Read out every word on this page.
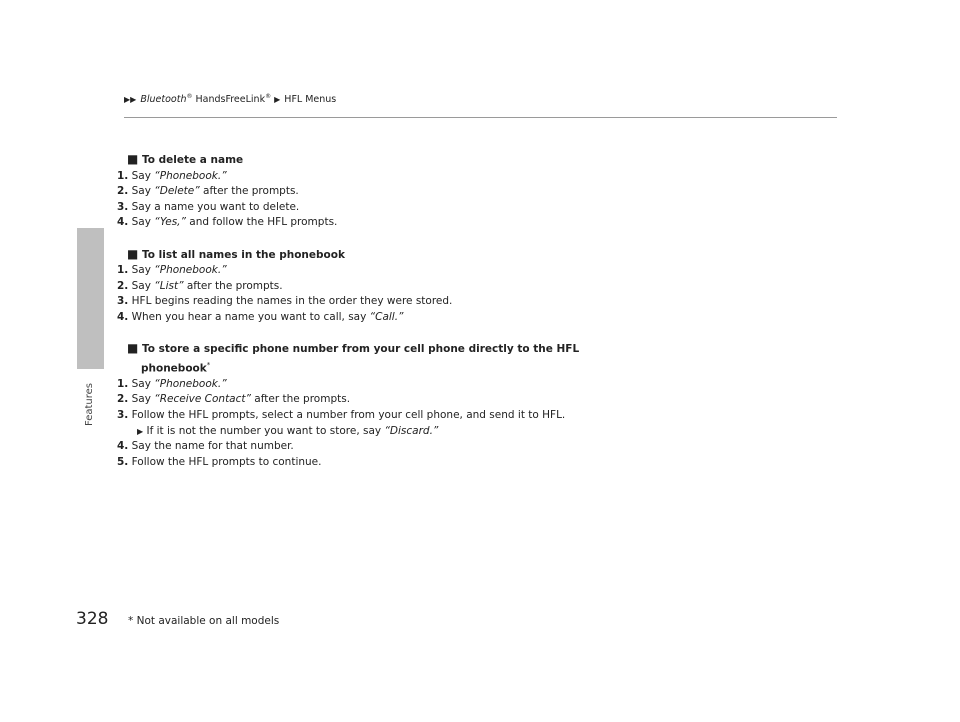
▶▶ Bluetooth® HandsFreeLink® ▶ HFL Menus
Features

■ To delete a name

1. Say “Phonebook.”

2. Say “Delete” after the prompts.

3. Say a name you want to delete.

4. Say “Yes,” and follow the HFL prompts.

■ To list all names in the phonebook

1. Say “Phonebook.”

2. Say “List” after the prompts.

3. HFL begins reading the names in the order they were stored.

4. When you hear a name you want to call, say “Call.”

■ To store a specific phone number from your cell phone directly to the HFL phonebook*

1. Say “Phonebook.”

2. Say “Receive Contact” after the prompts.

3. Follow the HFL prompts, select a number from your cell phone, and send it to HFL.

▶ If it is not the number you want to store, say “Discard.”

4. Say the name for that number.

5. Follow the HFL prompts to continue.

328 * Not available on all models
